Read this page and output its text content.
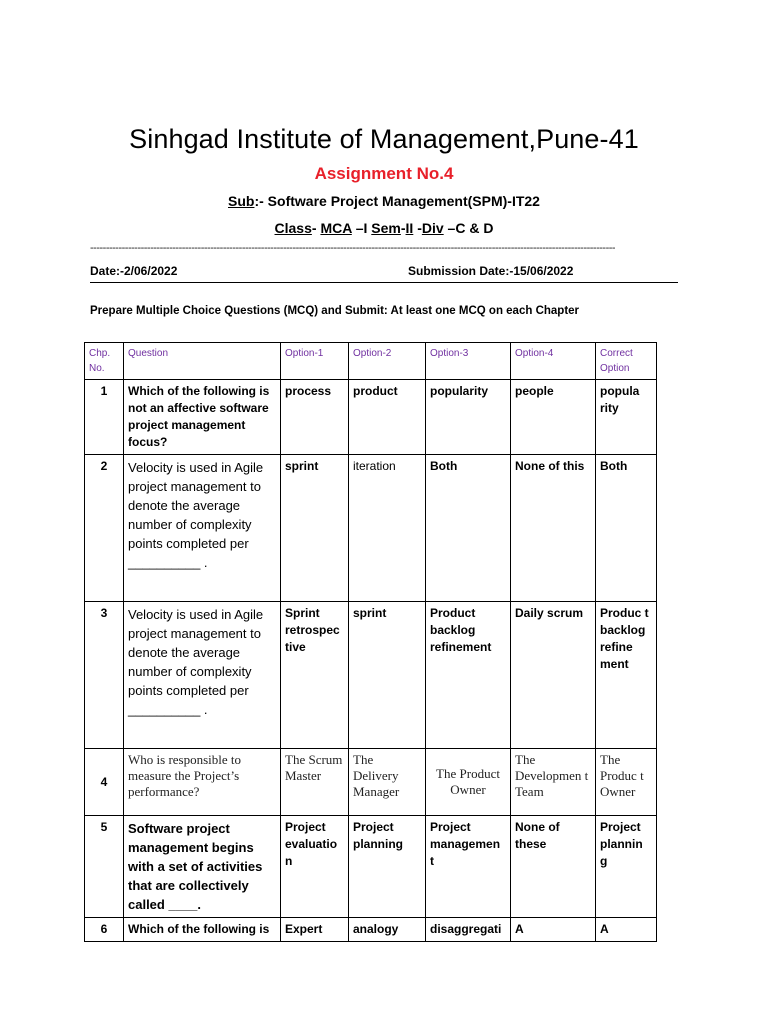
Sinhgad Institute of Management,Pune-41
Assignment No.4
Sub:- Software Project Management(SPM)-IT22
Class- MCA –I Sem-II -Div –C & D
----------------------------------------------------------------------------------------------------------------------------------------------------------------------
Date:-2/06/2022	Submission Date:-15/06/2022
Prepare Multiple Choice Questions (MCQ) and Submit: At least one MCQ on each Chapter
Chp. No.	Question	Option-1	Option-2	Option-3	Option-4	Correct Option
1	Which of the following is not an affective software project management focus?	process	product	popularity	people	popula rity
2	Velocity is used in Agile project management to denote the average number of complexity points completed per __________ .	sprint	iteration	Both	None of this	Both
3	Velocity is used in Agile project management to denote the average number of complexity points completed per __________ .	Sprint retrospec tive	sprint	Product backlog refinement	Daily scrum	Produc t backlog refine ment
4	Who is responsible to measure the Project’s performance?	The Scrum Master	The Delivery Manager	The Product Owner	The Developmen t Team	The Produc t Owner
5	Software project management begins with a set of activities that are collectively called ____.	Project evaluatio n	Project planning	Project managemen t	None of these	Project plannin g
6	Which of the following is	Expert	analogy	disaggregati	A	A
